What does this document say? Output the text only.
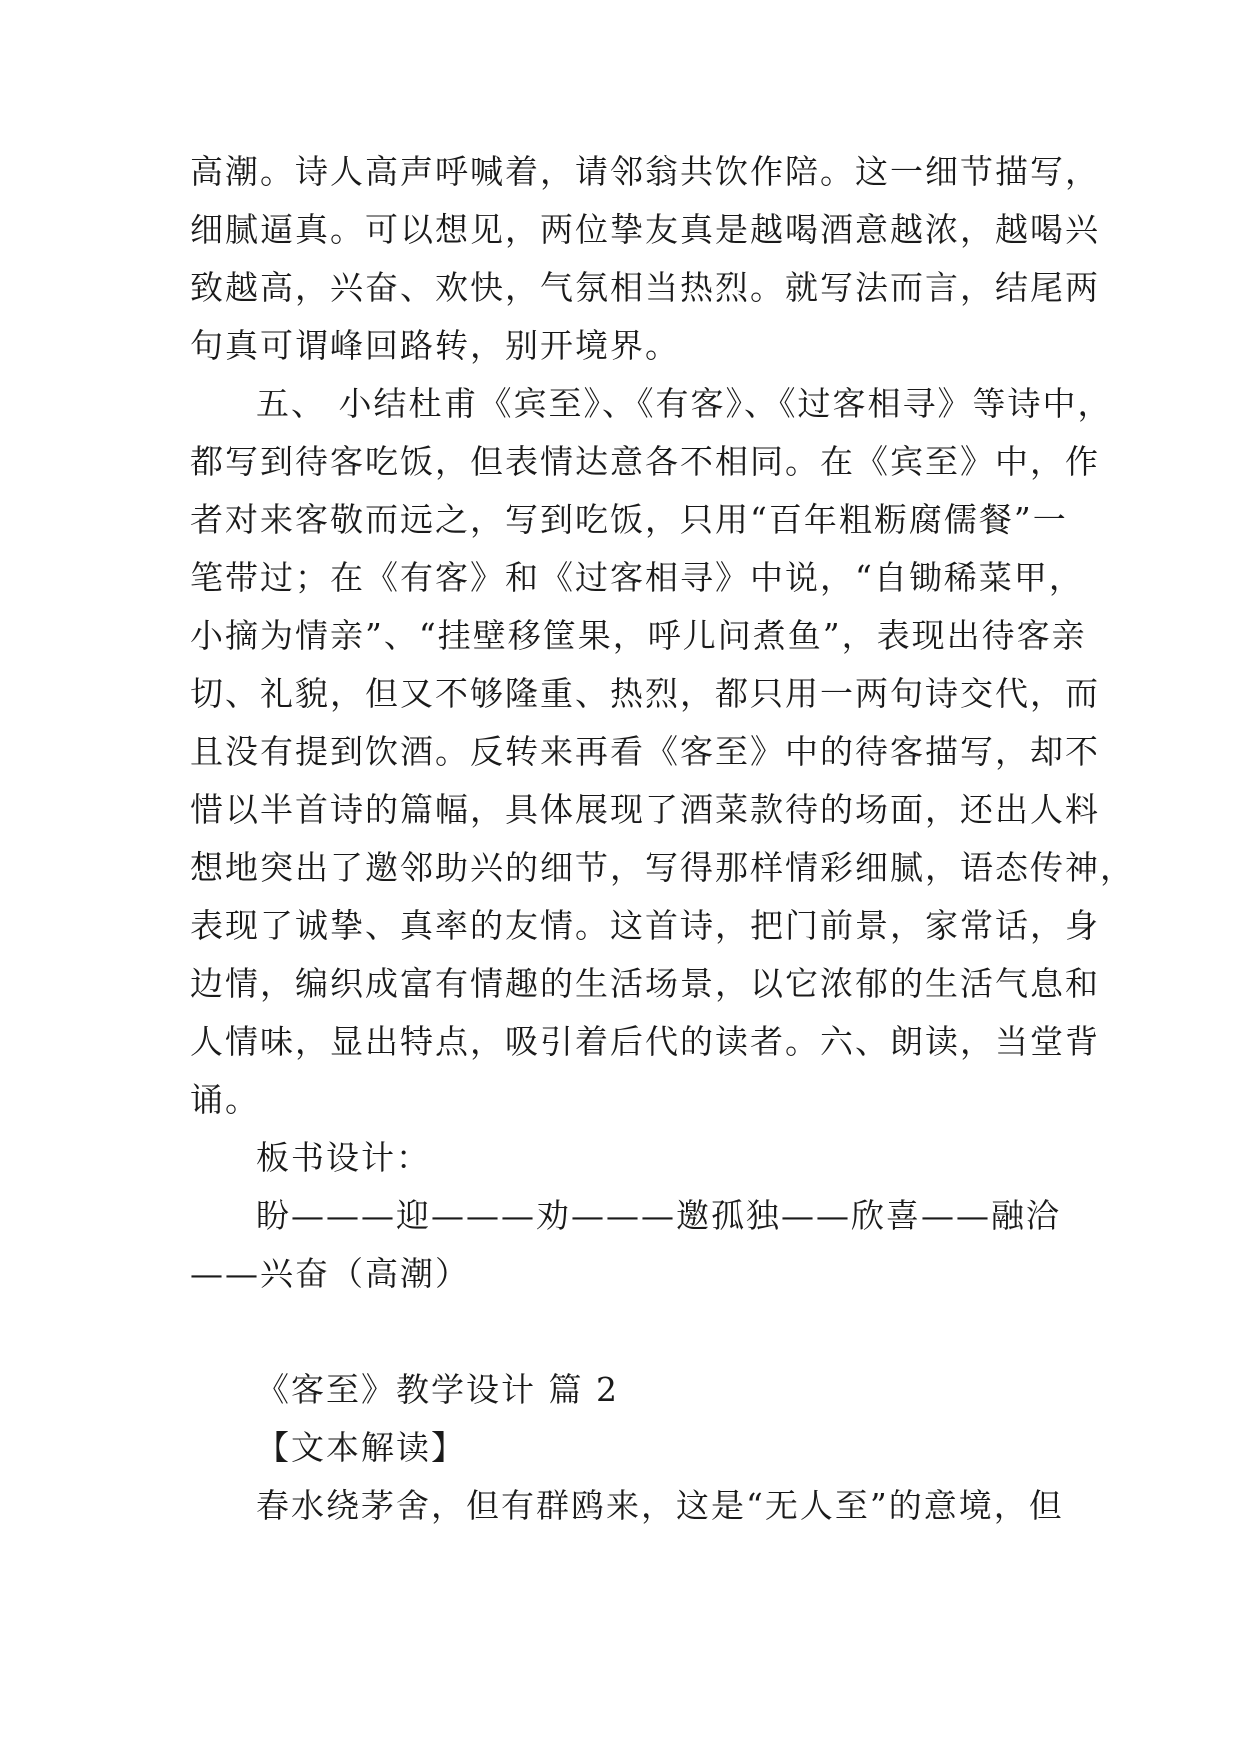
高潮。诗人高声呼喊着，请邻翁共饮作陪。这一细节描写，
细腻逼真。可以想见，两位挚友真是越喝酒意越浓，越喝兴
致越高，兴奋、欢快，气氛相当热烈。就写法而言，结尾两
句真可谓峰回路转，别开境界。
五、 小结杜甫《宾至》、《有客》、《过客相寻》等诗中，
都写到待客吃饭，但表情达意各不相同。在《宾至》中，作
者对来客敬而远之，写到吃饭，只用“百年粗粝腐儒餐”一
笔带过；在《有客》和《过客相寻》中说，“自锄稀菜甲，
小摘为情亲”、“挂壁移筐果，呼儿问煮鱼”，表现出待客亲
切、礼貌，但又不够隆重、热烈，都只用一两句诗交代，而
且没有提到饮酒。反转来再看《客至》中的待客描写，却不
惜以半首诗的篇幅，具体展现了酒菜款待的场面，还出人料
想地突出了邀邻助兴的细节，写得那样情彩细腻，语态传神，
表现了诚挚、真率的友情。这首诗，把门前景，家常话，身
边情，编织成富有情趣的生活场景，以它浓郁的生活气息和
人情味，显出特点，吸引着后代的读者。六、朗读，当堂背
诵。
板书设计：
盼———迎———劝———邀孤独——欣喜——融洽
——兴奋（高潮）
《客至》教学设计 篇 2
【文本解读】
春水绕茅舍，但有群鸥来，这是“无人至”的意境，但
